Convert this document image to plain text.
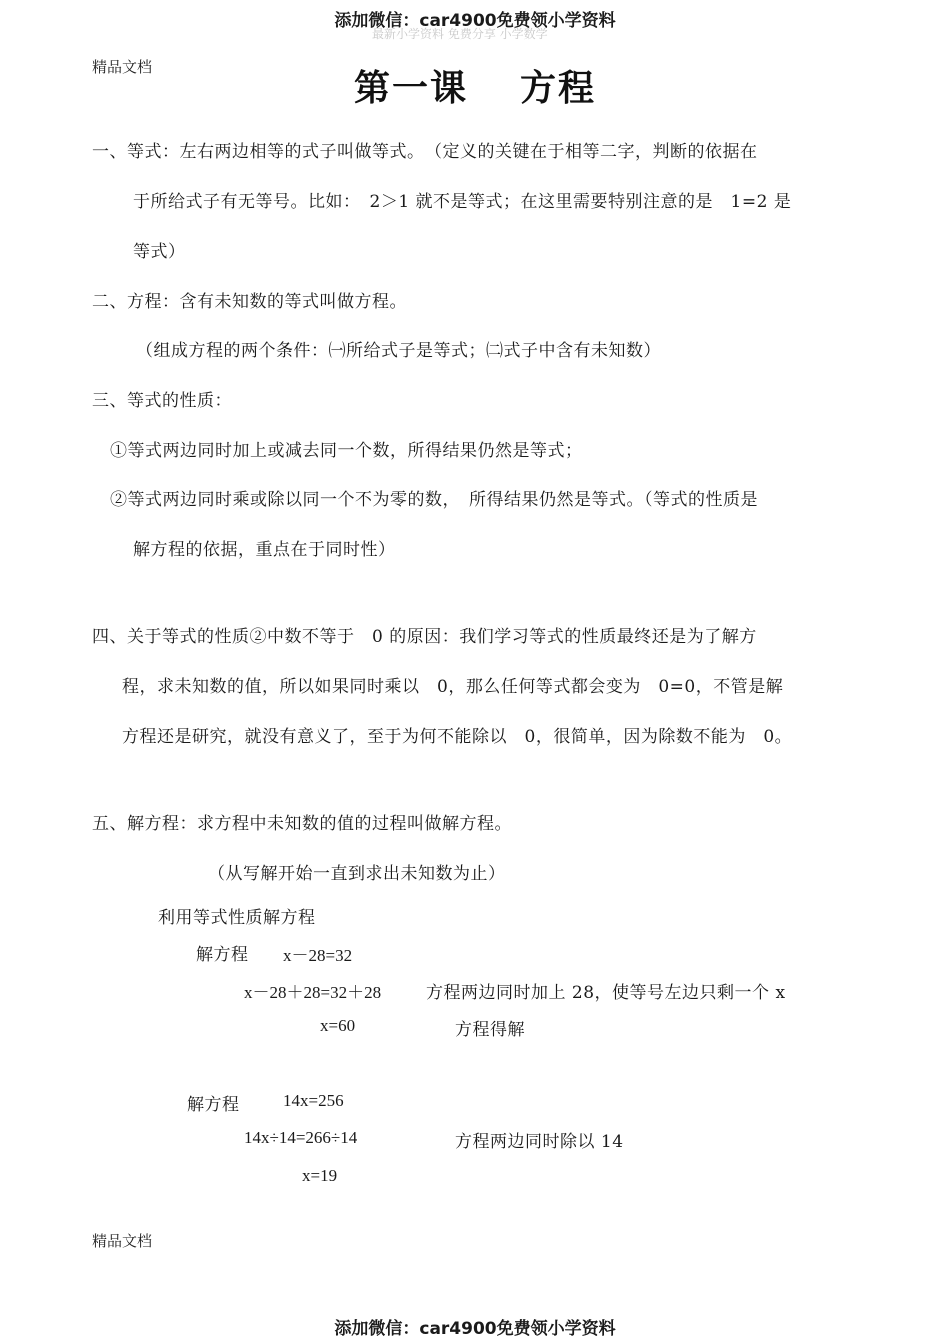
添加微信：car4900免费领小学资料
最新小学资料 免费分享 小学数学
精品文档
第一课 方程
一、等式：左右两边相等的式子叫做等式。　（定义的关键在于相等二字，判断的依据在
于所给式子有无等号。比如：　2＞1 就不是等式；在这里需要特别注意的是　1=2 是
等式）
二、方程：含有未知数的等式叫做方程。
（组成方程的两个条件：㈠所给式子是等式；㈡式子中含有未知数）
三、等式的性质：
①等式两边同时加上或减去同一个数，所得结果仍然是等式；
②等式两边同时乘或除以同一个不为零的数，　所得结果仍然是等式。（等式的性质是
解方程的依据，重点在于同时性）
四、关于等式的性质②中数不等于　0 的原因：我们学习等式的性质最终还是为了解方
程，求未知数的值，所以如果同时乘以　0，那么任何等式都会变为　0=0，不管是解
方程还是研究，就没有意义了，至于为何不能除以　0，很简单，因为除数不能为　0。
五、解方程：求方程中未知数的值的过程叫做解方程。
（从写解开始一直到求出未知数为止）
利用等式性质解方程
解方程 x－28=32
x－28＋28=32＋28	方程两边同时加上 28，使等号左边只剩一个 x
x=60	方程得解
解方程	14x=256
14x÷14=266÷14	方程两边同时除以 14
x=19
精品文档
添加微信：car4900免费领小学资料
